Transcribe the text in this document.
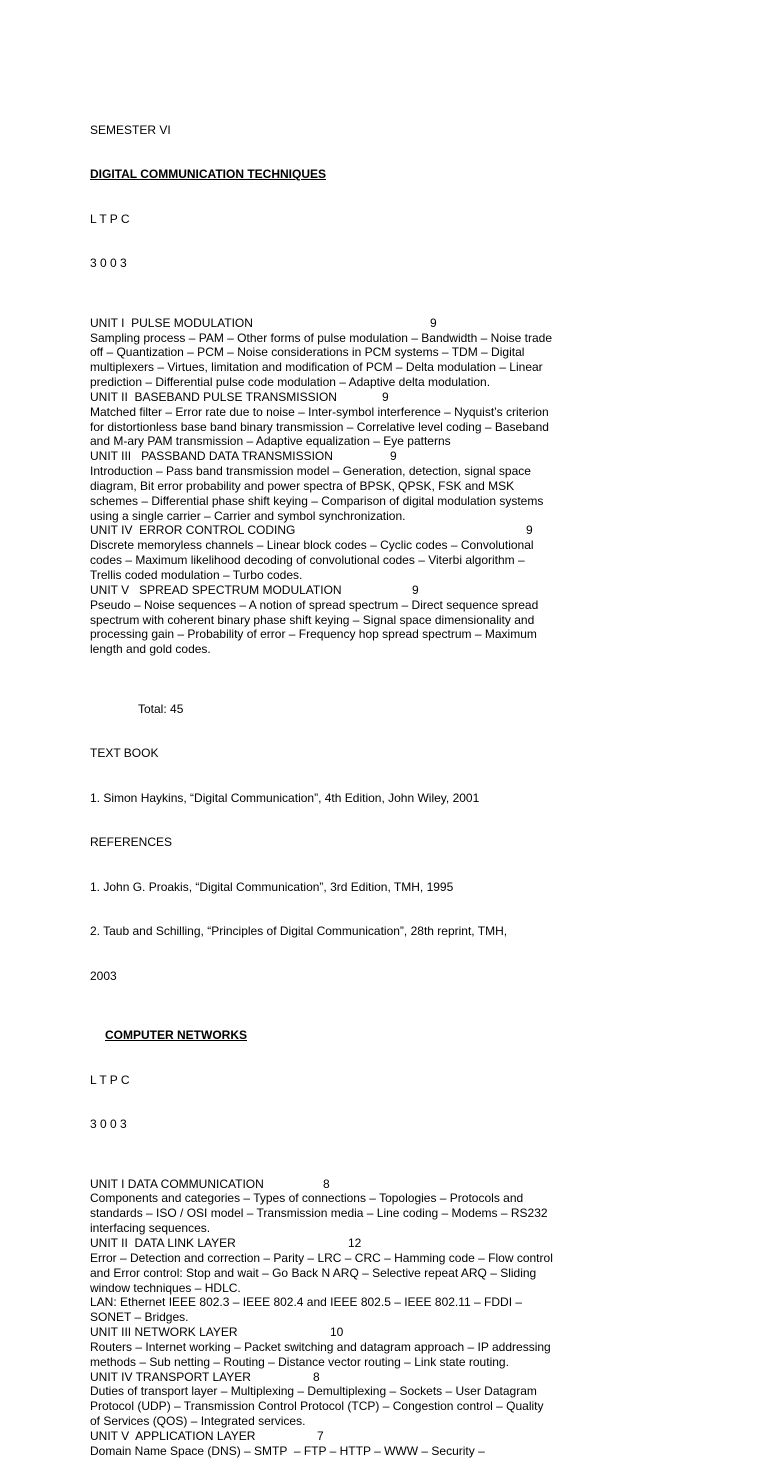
SEMESTER VI

DIGITAL COMMUNICATION TECHNIQUES

L T P C

3 0 0 3

UNIT I  PULSE MODULATION	9
Sampling process – PAM – Other forms of pulse modulation – Bandwidth – Noise trade
off – Quantization – PCM – Noise considerations in PCM systems – TDM – Digital
multiplexers – Virtues, limitation and modification of PCM – Delta modulation – Linear
prediction – Differential pulse code modulation – Adaptive delta modulation.
UNIT II  BASEBAND PULSE TRANSMISSION	9
Matched filter – Error rate due to noise – Inter-symbol interference – Nyquist’s criterion
for distortionless base band binary transmission – Correlative level coding – Baseband
and M-ary PAM transmission – Adaptive equalization – Eye patterns
UNIT III   PASSBAND DATA TRANSMISSION	9
Introduction – Pass band transmission model – Generation, detection, signal space
diagram, Bit error probability and power spectra of BPSK, QPSK, FSK and MSK
schemes – Differential phase shift keying – Comparison of digital modulation systems
using a single carrier – Carrier and symbol synchronization.
UNIT IV  ERROR CONTROL CODING	9
Discrete memoryless channels – Linear block codes – Cyclic codes – Convolutional
codes – Maximum likelihood decoding of convolutional codes – Viterbi algorithm –
Trellis coded modulation – Turbo codes.
UNIT V   SPREAD SPECTRUM MODULATION	9
Pseudo – Noise sequences – A notion of spread spectrum – Direct sequence spread
spectrum with coherent binary phase shift keying – Signal space dimensionality and
processing gain – Probability of error – Frequency hop spread spectrum – Maximum
length and gold codes.

Total: 45

TEXT BOOK

1. Simon Haykins, “Digital Communication”, 4th Edition, John Wiley, 2001

REFERENCES

1. John G. Proakis, “Digital Communication”, 3rd Edition, TMH, 1995

2. Taub and Schilling, “Principles of Digital Communication”, 28th reprint, TMH,

2003

COMPUTER NETWORKS

L T P C

3 0 0 3

UNIT I DATA COMMUNICATION	8
Components and categories – Types of connections – Topologies – Protocols and
standards – ISO / OSI model – Transmission media – Line coding – Modems – RS232
interfacing sequences.
UNIT II  DATA LINK LAYER	12
Error – Detection and correction – Parity – LRC – CRC – Hamming code – Flow control
and Error control: Stop and wait – Go Back N ARQ – Selective repeat ARQ – Sliding
window techniques – HDLC.
LAN: Ethernet IEEE 802.3 – IEEE 802.4 and IEEE 802.5 – IEEE 802.11 – FDDI –
SONET – Bridges.
UNIT III NETWORK LAYER	10
Routers – Internet working – Packet switching and datagram approach – IP addressing
methods – Sub netting – Routing – Distance vector routing – Link state routing.
UNIT IV TRANSPORT LAYER	8
Duties of transport layer – Multiplexing – Demultiplexing – Sockets – User Datagram
Protocol (UDP) – Transmission Control Protocol (TCP) – Congestion control – Quality
of Services (QOS) – Integrated services.
UNIT V  APPLICATION LAYER	7
Domain Name Space (DNS) – SMTP  – FTP – HTTP – WWW – Security –
